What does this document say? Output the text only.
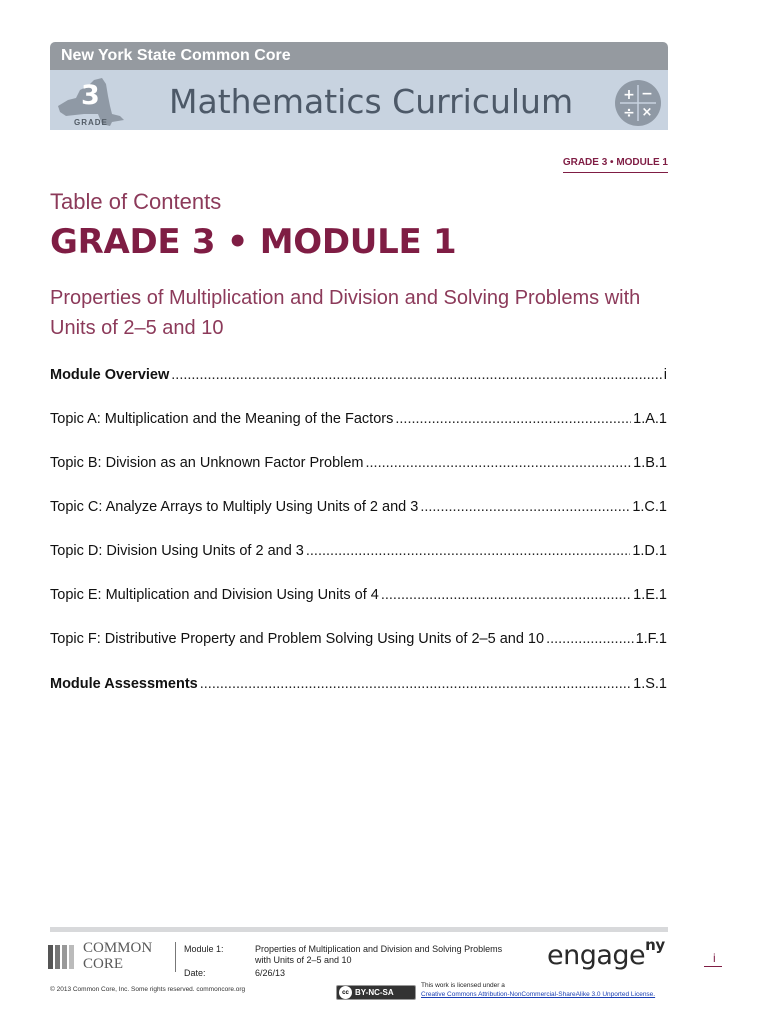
New York State Common Core
3
GRADE
Mathematics Curriculum	+ −
÷ ×
GRADE 3 • MODULE 1
Table of Contents
GRADE 3 • MODULE 1
Properties of Multiplication and Division and Solving Problems with Units of 2–5 and 10
Module Overview .....	i
Topic A: Multiplication and the Meaning of the Factors .....	1.A.1
Topic B: Division as an Unknown Factor Problem .....	1.B.1
Topic C: Analyze Arrays to Multiply Using Units of 2 and 3 .....	1.C.1
Topic D: Division Using Units of 2 and 3 .....	1.D.1
Topic E: Multiplication and Division Using Units of 4 .....	1.E.1
Topic F: Distributive Property and Problem Solving Using Units of 2–5 and 10 .....	1.F.1
Module Assessments .....	1.S.1
COMMON
CORE
Module 1:	Properties of Multiplication and Division and Solving Problems
with Units of 2–5 and 10
Date:	6/26/13
engage$^{ny}$
i
© 2013 Common Core, Inc. Some rights reserved. commoncore.org	cc BY-NC-SA
This work is licensed under a
Creative Commons Attribution-NonCommercial-ShareAlike 3.0 Unported License.
